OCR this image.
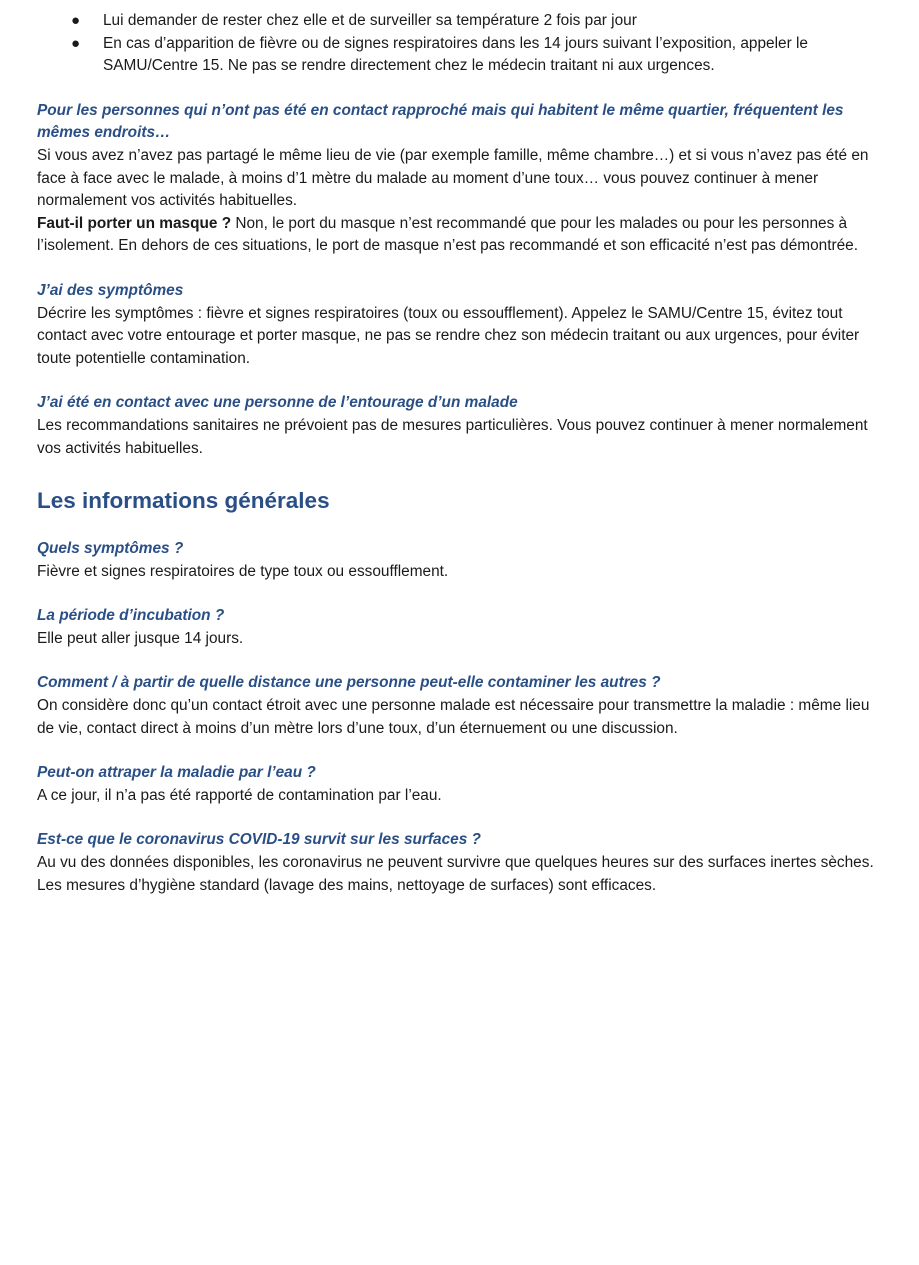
● Lui demander de rester chez elle et de surveiller sa température 2 fois par jour
● En cas d’apparition de fièvre ou de signes respiratoires dans les 14 jours suivant l’exposition, appeler le SAMU/Centre 15. Ne pas se rendre directement chez le médecin traitant ni aux urgences.

Pour les personnes qui n’ont pas été en contact rapproché mais qui habitent le même quartier, fréquentent les mêmes endroits…

Si vous avez n’avez pas partagé le même lieu de vie (par exemple famille, même chambre…) et si vous n’avez pas été en face à face avec le malade, à moins d’1 mètre du malade au moment d’une toux… vous pouvez continuer à mener normalement vos activités habituelles.

Faut-il porter un masque ? Non, le port du masque n’est recommandé que pour les malades ou pour les personnes à l’isolement. En dehors de ces situations, le port de masque n’est pas recommandé et son efficacité n’est pas démontrée.

J’ai des symptômes

Décrire les symptômes : fièvre et signes respiratoires (toux ou essoufflement). Appelez le SAMU/Centre 15, évitez tout contact avec votre entourage et porter masque, ne pas se rendre chez son médecin traitant ou aux urgences, pour éviter toute potentielle contamination.

J’ai été en contact avec une personne de l’entourage d’un malade

Les recommandations sanitaires ne prévoient pas de mesures particulières. Vous pouvez continuer à mener normalement vos activités habituelles.

Les informations générales

Quels symptômes ?

Fièvre et signes respiratoires de type toux ou essoufflement.

La période d’incubation ?

Elle peut aller jusque 14 jours.

Comment / à partir de quelle distance une personne peut-elle contaminer les autres ?

On considère donc qu’un contact étroit avec une personne malade est nécessaire pour transmettre la maladie : même lieu de vie, contact direct à moins d’un mètre lors d’une toux, d’un éternuement ou une discussion.

Peut-on attraper la maladie par l’eau ?

A ce jour, il n’a pas été rapporté de contamination par l’eau.

Est-ce que le coronavirus COVID-19 survit sur les surfaces ?

Au vu des données disponibles, les coronavirus ne peuvent survivre que quelques heures sur des surfaces inertes sèches. Les mesures d’hygiène standard (lavage des mains, nettoyage de surfaces) sont efficaces.
